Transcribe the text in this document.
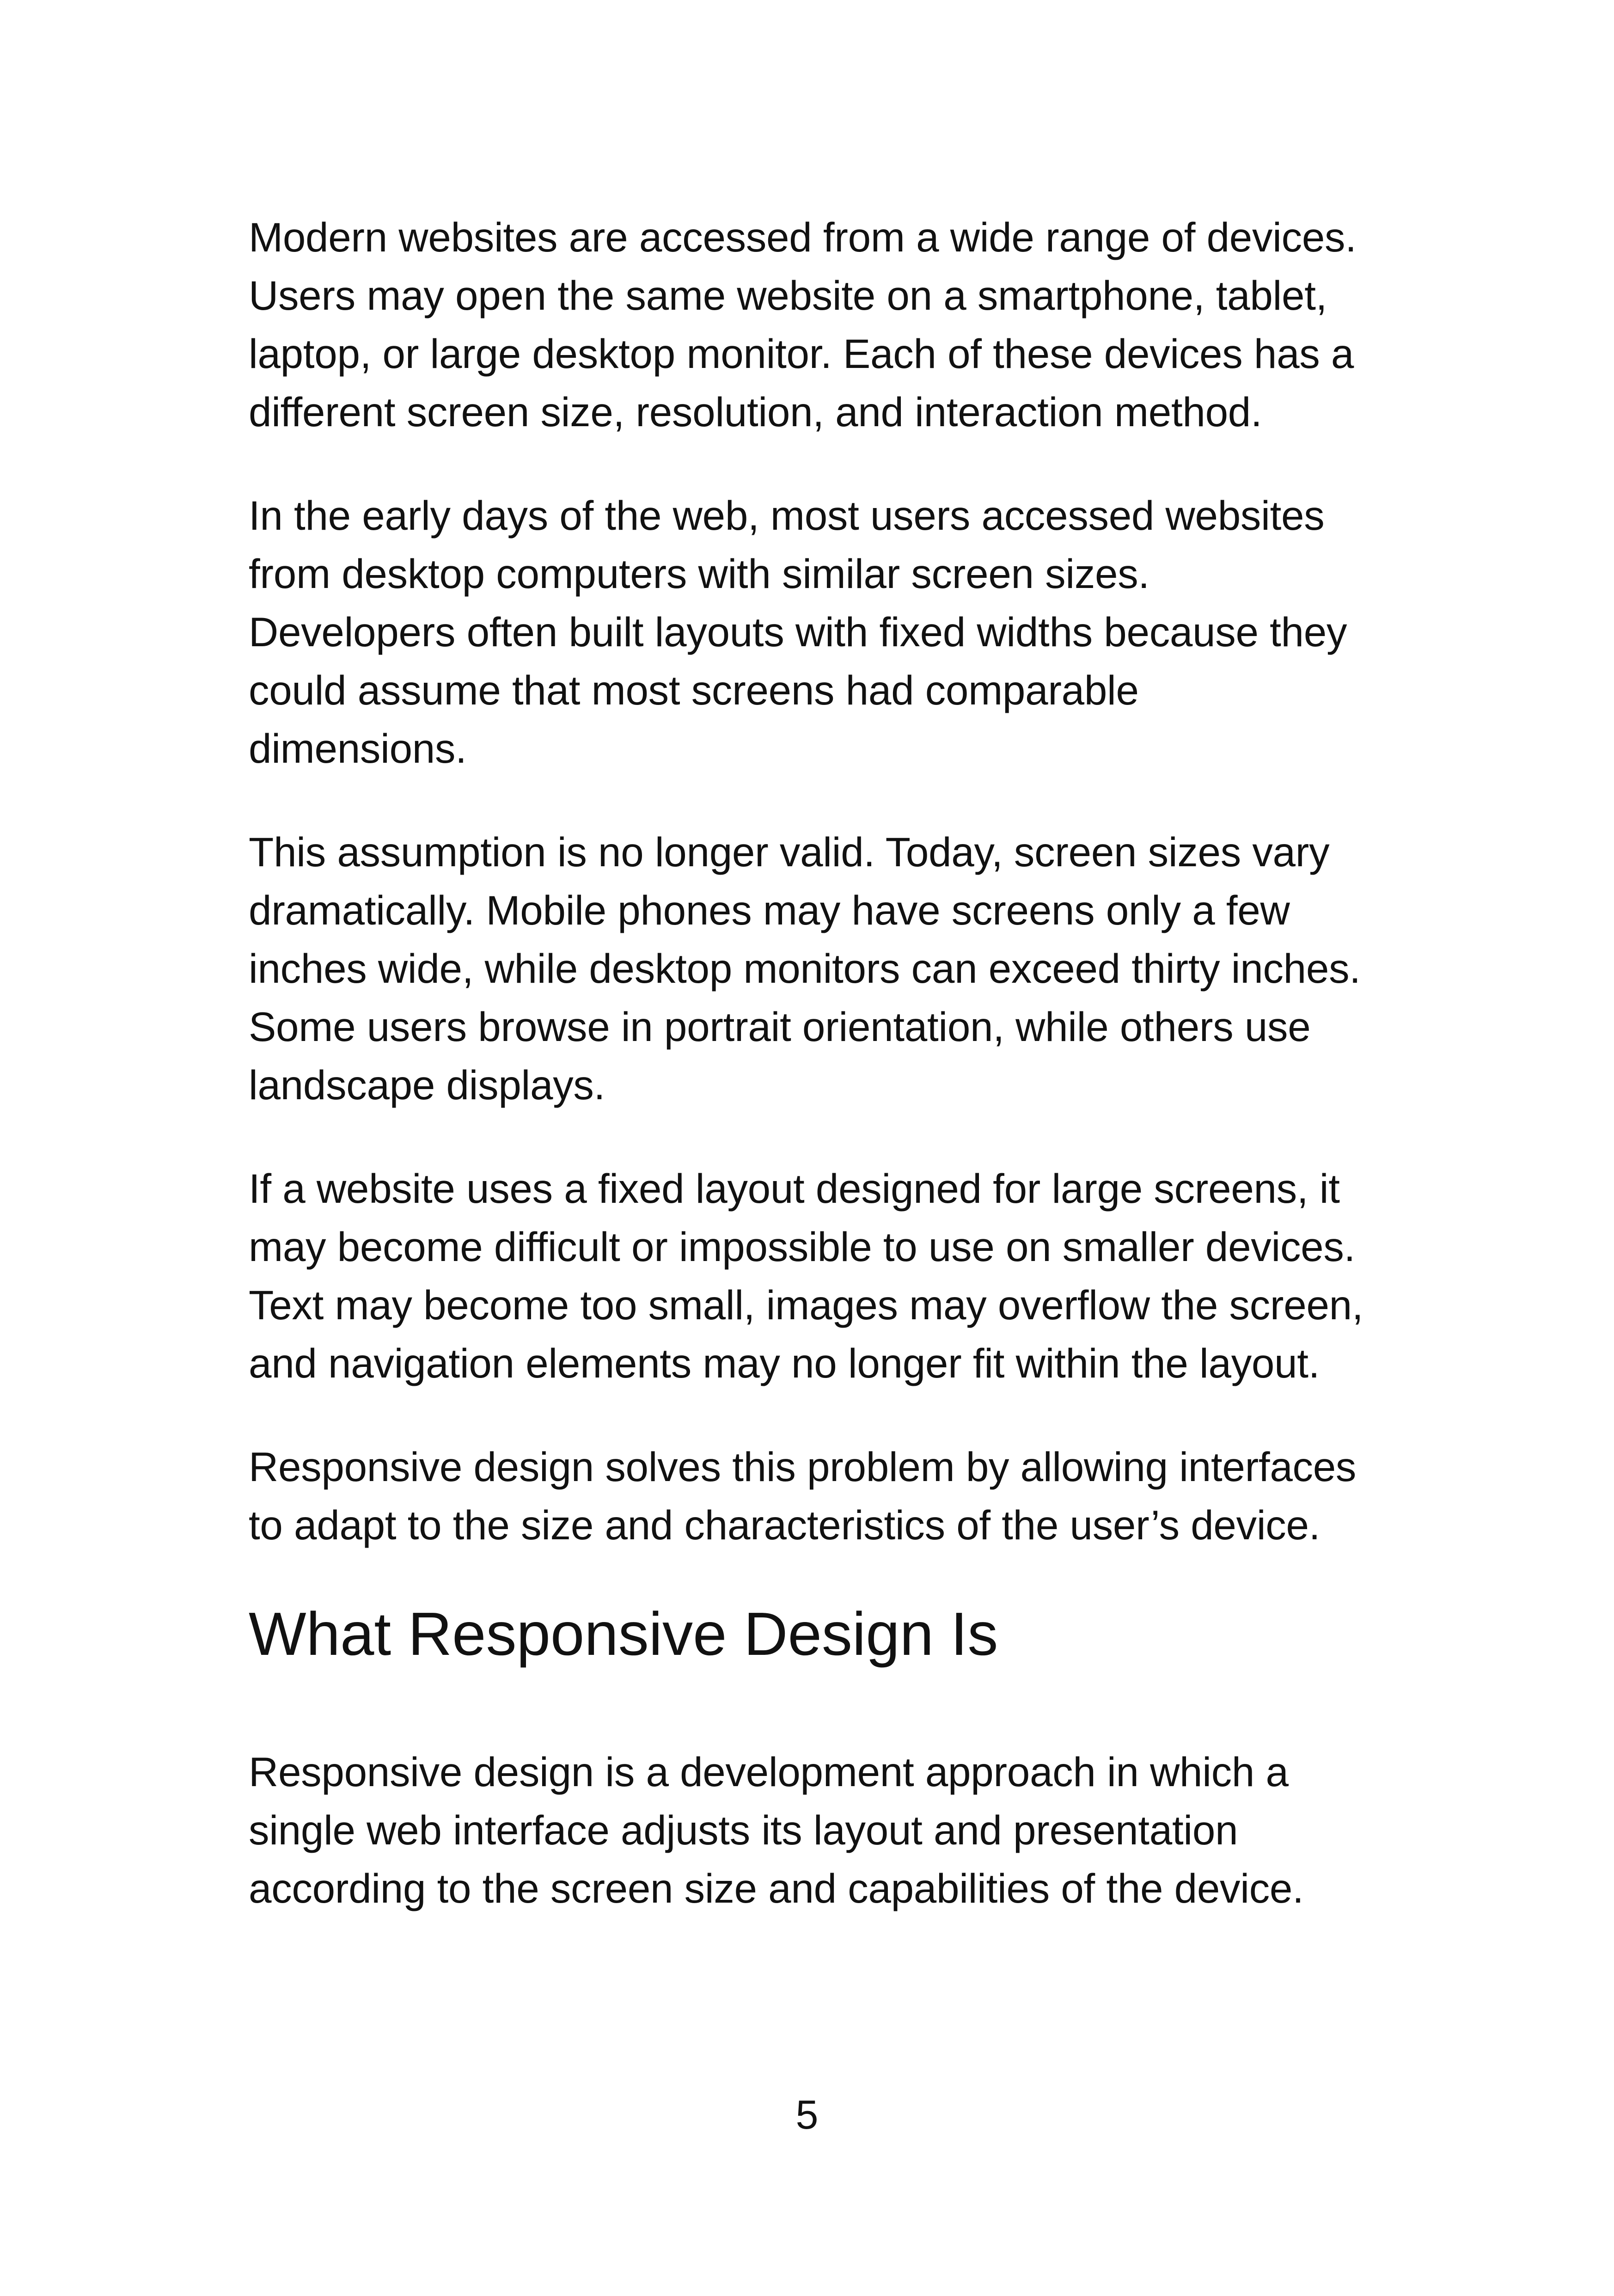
Modern websites are accessed from a wide range of devices.
Users may open the same website on a smartphone, tablet,
laptop, or large desktop monitor. Each of these devices has a
different screen size, resolution, and interaction method.

In the early days of the web, most users accessed websites
from desktop computers with similar screen sizes.
Developers often built layouts with fixed widths because they
could assume that most screens had comparable
dimensions.

This assumption is no longer valid. Today, screen sizes vary
dramatically. Mobile phones may have screens only a few
inches wide, while desktop monitors can exceed thirty inches.
Some users browse in portrait orientation, while others use
landscape displays.

If a website uses a fixed layout designed for large screens, it
may become difficult or impossible to use on smaller devices.
Text may become too small, images may overflow the screen,
and navigation elements may no longer fit within the layout.

Responsive design solves this problem by allowing interfaces
to adapt to the size and characteristics of the user’s device.

What Responsive Design Is

Responsive design is a development approach in which a
single web interface adjusts its layout and presentation
according to the screen size and capabilities of the device.

5
